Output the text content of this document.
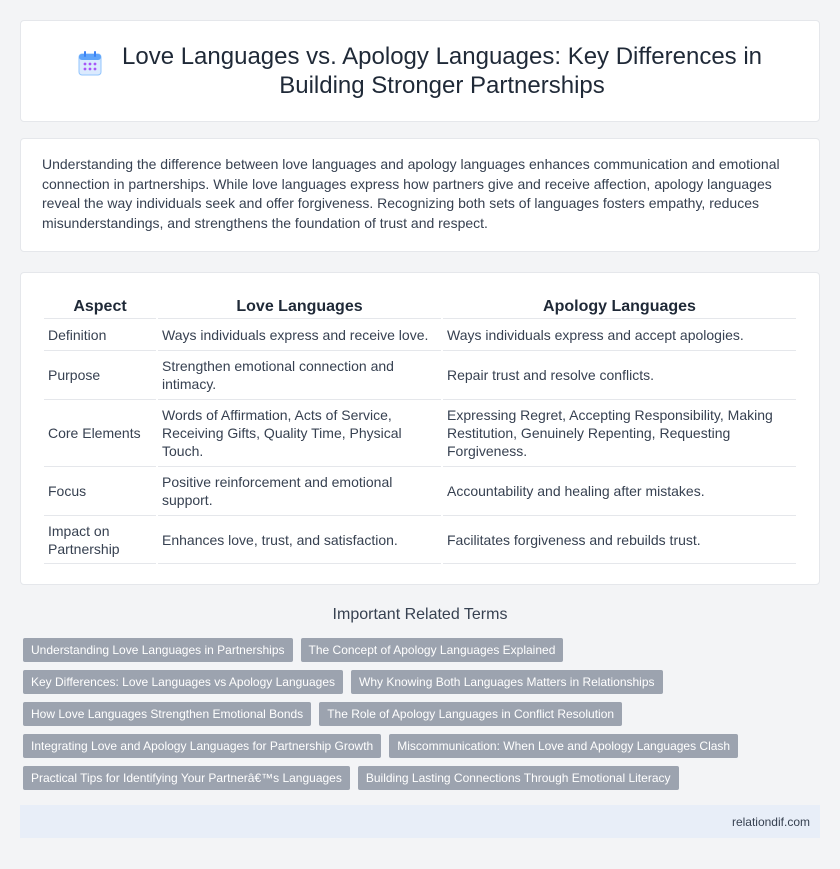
Love Languages vs. Apology Languages: Key Differences in Building Stronger Partnerships

Understanding the difference between love languages and apology languages enhances communication and emotional connection in partnerships. While love languages express how partners give and receive affection, apology languages reveal the way individuals seek and offer forgiveness. Recognizing both sets of languages fosters empathy, reduces misunderstandings, and strengthens the foundation of trust and respect.

Aspect	Love Languages	Apology Languages
Definition	Ways individuals express and receive love.	Ways individuals express and accept apologies.
Purpose	Strengthen emotional connection and intimacy.	Repair trust and resolve conflicts.
Core Elements	Words of Affirmation, Acts of Service, Receiving Gifts, Quality Time, Physical Touch.	Expressing Regret, Accepting Responsibility, Making Restitution, Genuinely Repenting, Requesting Forgiveness.
Focus	Positive reinforcement and emotional support.	Accountability and healing after mistakes.
Impact on Partnership	Enhances love, trust, and satisfaction.	Facilitates forgiveness and rebuilds trust.
Important Related Terms
Understanding Love Languages in Partnerships	The Concept of Apology Languages Explained
Key Differences: Love Languages vs Apology Languages	Why Knowing Both Languages Matters in Relationships
How Love Languages Strengthen Emotional Bonds	The Role of Apology Languages in Conflict Resolution
Integrating Love and Apology Languages for Partnership Growth	Miscommunication: When Love and Apology Languages Clash
Practical Tips for Identifying Your Partnerâ€™s Languages	Building Lasting Connections Through Emotional Literacy
relationdif.com
